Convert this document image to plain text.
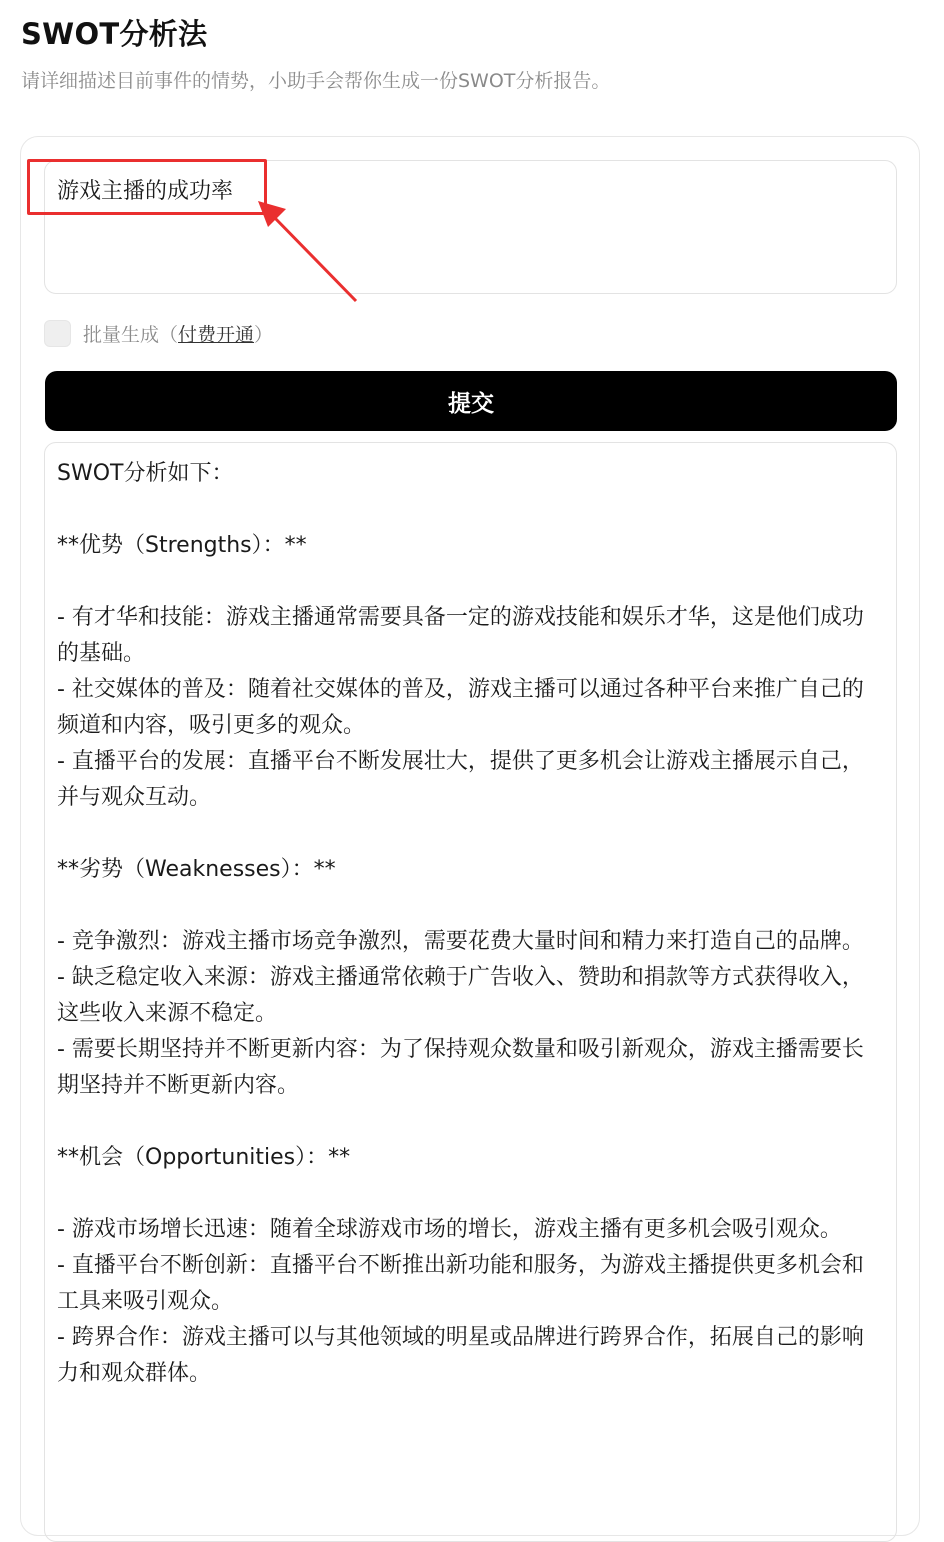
SWOT分析法

请详细描述目前事件的情势，小助手会帮你生成一份SWOT分析报告。

游戏主播的成功率
批量生成（ 付费开通 ）
提交

SWOT分析如下：

**优势（Strengths）：**

- 有才华和技能：游戏主播通常需要具备一定的游戏技能和娱乐才华，这是他们成功的基础。

- 社交媒体的普及：随着社交媒体的普及，游戏主播可以通过各种平台来推广自己的频道和内容，吸引更多的观众。

- 直播平台的发展：直播平台不断发展壮大，提供了更多机会让游戏主播展示自己，并与观众互动。

**劣势（Weaknesses）：**

- 竞争激烈：游戏主播市场竞争激烈，需要花费大量时间和精力来打造自己的品牌。

- 缺乏稳定收入来源：游戏主播通常依赖于广告收入、赞助和捐款等方式获得收入，这些收入来源不稳定。

- 需要长期坚持并不断更新内容：为了保持观众数量和吸引新观众，游戏主播需要长期坚持并不断更新内容。

**机会（Opportunities）：**

- 游戏市场增长迅速：随着全球游戏市场的增长，游戏主播有更多机会吸引观众。

- 直播平台不断创新：直播平台不断推出新功能和服务，为游戏主播提供更多机会和工具来吸引观众。

- 跨界合作：游戏主播可以与其他领域的明星或品牌进行跨界合作，拓展自己的影响力和观众群体。
